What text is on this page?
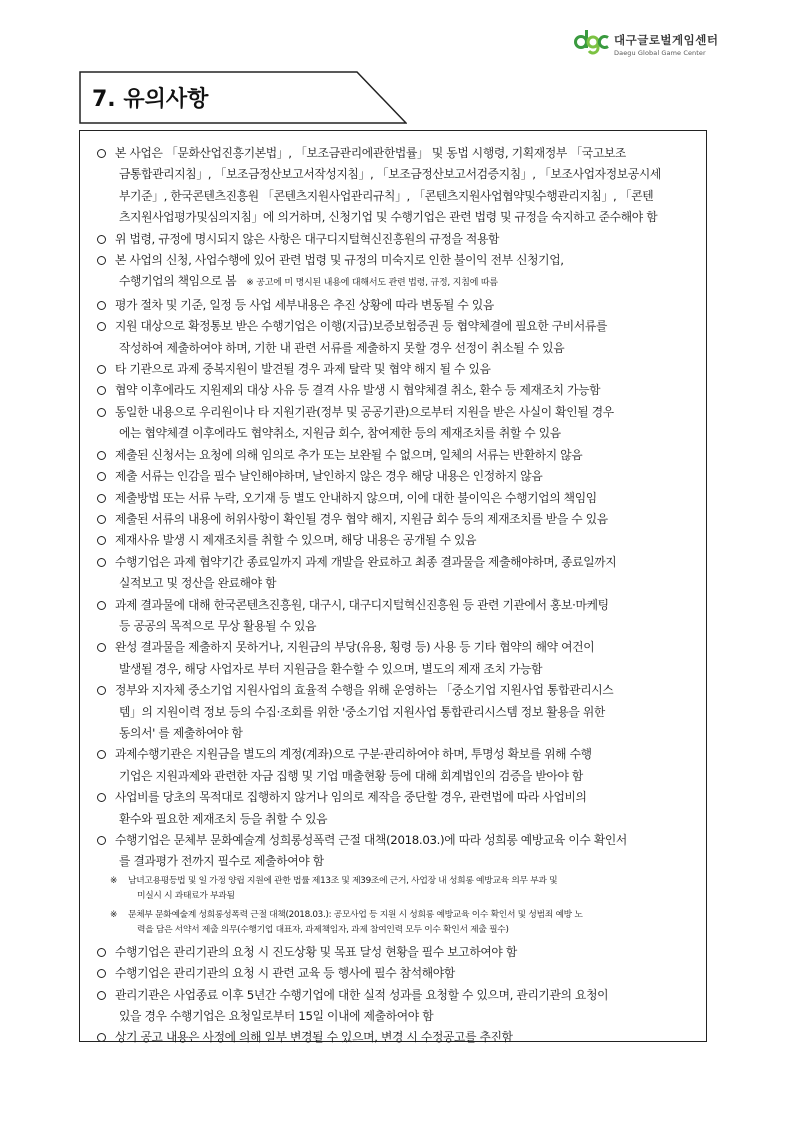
대구글로벌게임센터
Daegu Global Game Center
7. 유의사항
본 사업은 「문화산업진흥기본법」, 「보조금관리에관한법률」 및 동법 시행령, 기획재정부 「국고보조
금통합관리지침」, 「보조금정산보고서작성지침」, 「보조금정산보고서검증지침」, 「보조사업자정보공시세
부기준」, 한국콘텐츠진흥원 「콘텐츠지원사업관리규칙」, 「콘텐츠지원사업협약및수행관리지침」, 「콘텐
츠지원사업평가및심의지침」에 의거하며, 신청기업 및 수행기업은 관련 법령 및 규정을 숙지하고 준수해야 함
위 법령, 규정에 명시되지 않은 사항은 대구디지털혁신진흥원의 규정을 적용함
본 사업의 신청, 사업수행에 있어 관련 법령 및 규정의 미숙지로 인한 불이익 전부 신청기업,
수행기업의 책임으로 봄 ※ 공고에 미 명시된 내용에 대해서도 관련 법령, 규정, 지침에 따름
평가 절차 및 기준, 일정 등 사업 세부내용은 추진 상황에 따라 변동될 수 있음
지원 대상으로 확정통보 받은 수행기업은 이행(지급)보증보험증권 등 협약체결에 필요한 구비서류를
작성하여 제출하여야 하며, 기한 내 관련 서류를 제출하지 못할 경우 선정이 취소될 수 있음
타 기관으로 과제 중복지원이 발견될 경우 과제 탈락 및 협약 해지 될 수 있음
협약 이후에라도 지원제외 대상 사유 등 결격 사유 발생 시 협약체결 취소, 환수 등 제재조치 가능함
동일한 내용으로 우리원이나 타 지원기관(정부 및 공공기관)으로부터 지원을 받은 사실이 확인될 경우
에는 협약체결 이후에라도 협약취소, 지원금 회수, 참여제한 등의 제재조치를 취할 수 있음
제출된 신청서는 요청에 의해 임의로 추가 또는 보완될 수 없으며, 일체의 서류는 반환하지 않음
제출 서류는 인감을 필수 날인해야하며, 날인하지 않은 경우 해당 내용은 인정하지 않음
제출방법 또는 서류 누락, 오기재 등 별도 안내하지 않으며, 이에 대한 불이익은 수행기업의 책임임
제출된 서류의 내용에 허위사항이 확인될 경우 협약 해지, 지원금 회수 등의 제재조치를 받을 수 있음
제재사유 발생 시 제재조치를 취할 수 있으며, 해당 내용은 공개될 수 있음
수행기업은 과제 협약기간 종료일까지 과제 개발을 완료하고 최종 결과물을 제출해야하며, 종료일까지
실적보고 및 정산을 완료해야 함
과제 결과물에 대해 한국콘텐츠진흥원, 대구시, 대구디지털혁신진흥원 등 관련 기관에서 홍보·마케팅
등 공공의 목적으로 무상 활용될 수 있음
완성 결과물을 제출하지 못하거나, 지원금의 부당(유용, 횡령 등) 사용 등 기타 협약의 해약 여건이
발생될 경우, 해당 사업자로 부터 지원금을 환수할 수 있으며, 별도의 제재 조치 가능함
정부와 지자체 중소기업 지원사업의 효율적 수행을 위해 운영하는 「중소기업 지원사업 통합관리시스
템」의 지원이력 정보 등의 수집·조회를 위한 '중소기업 지원사업 통합관리시스템 정보 활용을 위한
동의서' 를 제출하여야 함
과제수행기관은 지원금을 별도의 계정(계좌)으로 구분·관리하여야 하며, 투명성 확보를 위해 수행
기업은 지원과제와 관련한 자금 집행 및 기업 매출현황 등에 대해 회계법인의 검증을 받아야 함
사업비를 당초의 목적대로 집행하지 않거나 임의로 제작을 중단할 경우, 관련법에 따라 사업비의
환수와 필요한 제재조치 등을 취할 수 있음
수행기업은 문체부 문화예술계 성희롱성폭력 근절 대책(2018.03.)에 따라 성희롱 예방교육 이수 확인서
를 결과평가 전까지 필수로 제출하여야 함
※ 남녀고용평등법 및 일 가정 양립 지원에 관한 법률 제13조 및 제39조에 근거, 사업장 내 성희롱 예방교육 의무 부과 및
미실시 시 과태료가 부과됨
※ 문체부 문화예술계 성희롱성폭력 근절 대책(2018.03.): 공모사업 등 지원 시 성희롱 예방교육 이수 확인서 및 성범죄 예방 노
력을 담은 서약서 제출 의무(수행기업 대표자, 과제책임자, 과제 참여인력 모두 이수 확인서 제출 필수)
수행기업은 관리기관의 요청 시 진도상황 및 목표 달성 현황을 필수 보고하여야 함
수행기업은 관리기관의 요청 시 관련 교육 등 행사에 필수 참석해야함
관리기관은 사업종료 이후 5년간 수행기업에 대한 실적 성과를 요청할 수 있으며, 관리기관의 요청이
있을 경우 수행기업은 요청일로부터 15일 이내에 제출하여야 함
상기 공고 내용은 사정에 의해 일부 변경될 수 있으며, 변경 시 수정공고를 추진함
